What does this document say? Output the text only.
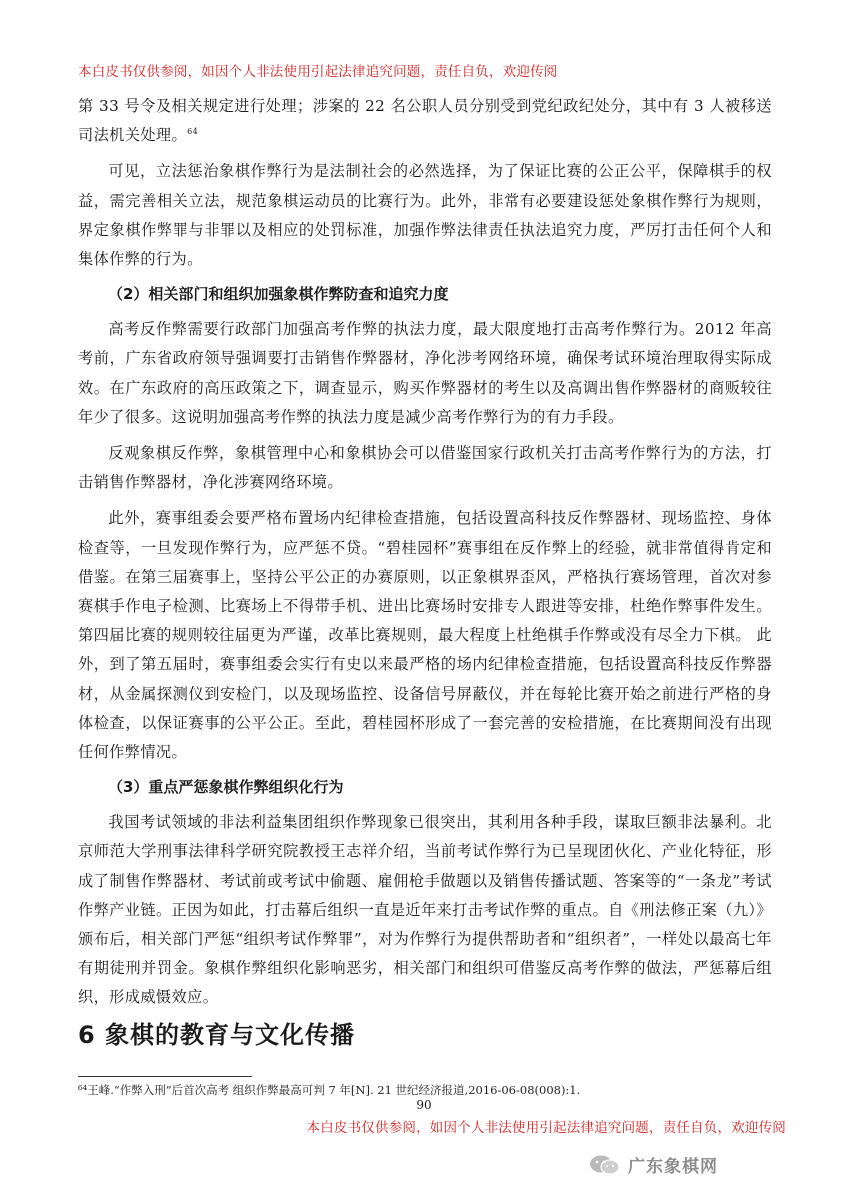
本白皮书仅供参阅，如因个人非法使用引起法律追究问题，责任自负，欢迎传阅

第 33 号令及相关规定进行处理；涉案的 22 名公职人员分别受到党纪政纪处分，其中有 3 人被移送司法机关处理。$^{64}$

可见，立法惩治象棋作弊行为是法制社会的必然选择，为了保证比赛的公正公平，保障棋手的权益，需完善相关立法，规范象棋运动员的比赛行为。此外，非常有必要建设惩处象棋作弊行为规则，界定象棋作弊罪与非罪以及相应的处罚标准，加强作弊法律责任执法追究力度，严厉打击任何个人和集体作弊的行为。

（2）相关部门和组织加强象棋作弊防查和追究力度

高考反作弊需要行政部门加强高考作弊的执法力度，最大限度地打击高考作弊行为。2012 年高考前，广东省政府领导强调要打击销售作弊器材，净化涉考网络环境，确保考试环境治理取得实际成效。在广东政府的高压政策之下，调查显示，购买作弊器材的考生以及高调出售作弊器材的商贩较往年少了很多。这说明加强高考作弊的执法力度是减少高考作弊行为的有力手段。

反观象棋反作弊，象棋管理中心和象棋协会可以借鉴国家行政机关打击高考作弊行为的方法，打击销售作弊器材，净化涉赛网络环境。

此外，赛事组委会要严格布置场内纪律检查措施，包括设置高科技反作弊器材、现场监控、身体检查等，一旦发现作弊行为，应严惩不贷。“碧桂园杯”赛事组在反作弊上的经验，就非常值得肯定和借鉴。在第三届赛事上，坚持公平公正的办赛原则，以正象棋界歪风，严格执行赛场管理，首次对参赛棋手作电子检测、比赛场上不得带手机、进出比赛场时安排专人跟进等安排，杜绝作弊事件发生。第四届比赛的规则较往届更为严谨，改革比赛规则，最大程度上杜绝棋手作弊或没有尽全力下棋。 此外，到了第五届时，赛事组委会实行有史以来最严格的场内纪律检查措施，包括设置高科技反作弊器材，从金属探测仪到安检门，以及现场监控、设备信号屏蔽仪，并在每轮比赛开始之前进行严格的身体检查，以保证赛事的公平公正。至此，碧桂园杯形成了一套完善的安检措施，在比赛期间没有出现任何作弊情况。

（3）重点严惩象棋作弊组织化行为

我国考试领域的非法利益集团组织作弊现象已很突出，其利用各种手段，谋取巨额非法暴利。北京师范大学刑事法律科学研究院教授王志祥介绍，当前考试作弊行为已呈现团伙化、产业化特征，形成了制售作弊器材、考试前或考试中偷题、雇佣枪手做题以及销售传播试题、答案等的“一条龙”考试作弊产业链。正因为如此，打击幕后组织一直是近年来打击考试作弊的重点。自《刑法修正案（九）》颁布后，相关部门严惩“组织考试作弊罪”，对为作弊行为提供帮助者和“组织者”，一样处以最高七年有期徒刑并罚金。象棋作弊组织化影响恶劣，相关部门和组织可借鉴反高考作弊的做法，严惩幕后组织，形成威慑效应。

6 象棋的教育与文化传播
⁶⁴王峰.“作弊入刑”后首次高考 组织作弊最高可判 7 年[N]. 21 世纪经济报道,2016-06-08(008):1.
90
本白皮书仅供参阅，如因个人非法使用引起法律追究问题，责任自负，欢迎传阅
广东象棋网
